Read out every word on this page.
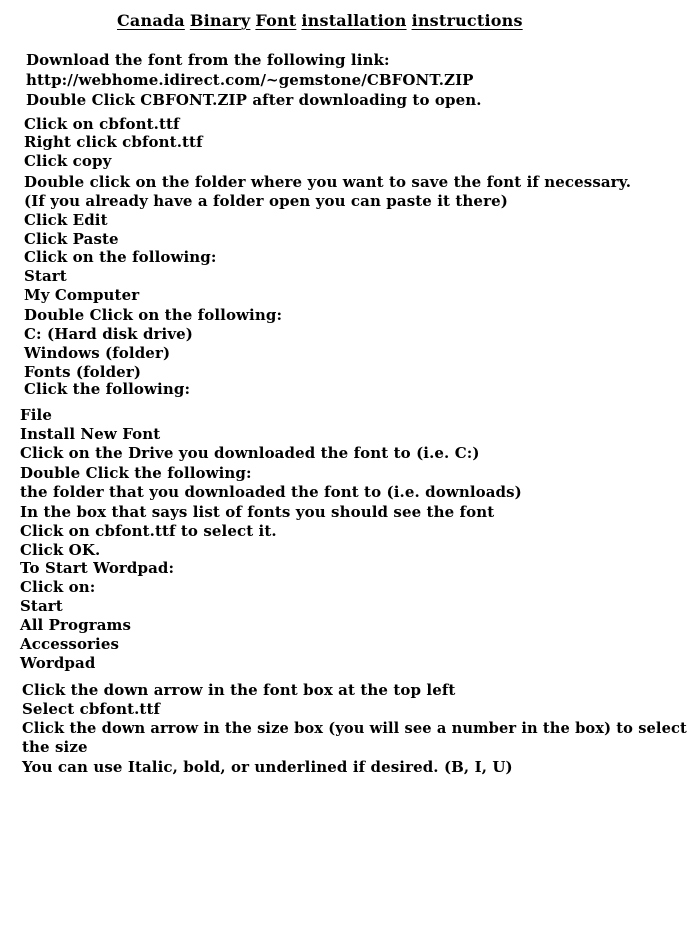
Canada Binary Font installation instructions
Download the font from the following link:
http://webhome.idirect.com/~gemstone/CBFONT.ZIP
Double Click CBFONT.ZIP after downloading to open.
Click on cbfont.ttf
Right click cbfont.ttf
Click copy
Double click on the folder where you want to save the font if necessary.
(If you already have a folder open you can paste it there)
Click Edit
Click Paste
Click on the following:
Start
My Computer
Double Click on the following:
C: (Hard disk drive)
Windows (folder)
Fonts (folder)
Click the following:
File
Install New Font
Click on the Drive you downloaded the font to (i.e. C:)
Double Click the following:
the folder that you downloaded the font to (i.e. downloads)
In the box that says list of fonts you should see the font
Click on cbfont.ttf to select it.
Click OK.
To Start Wordpad:
Click on:
Start
All Programs
Accessories
Wordpad
Click the down arrow in the font box at the top left
Select cbfont.ttf
Click the down arrow in the size box (you will see a number in the box) to select
the size
You can use Italic, bold, or underlined if desired. (B, I, U)
